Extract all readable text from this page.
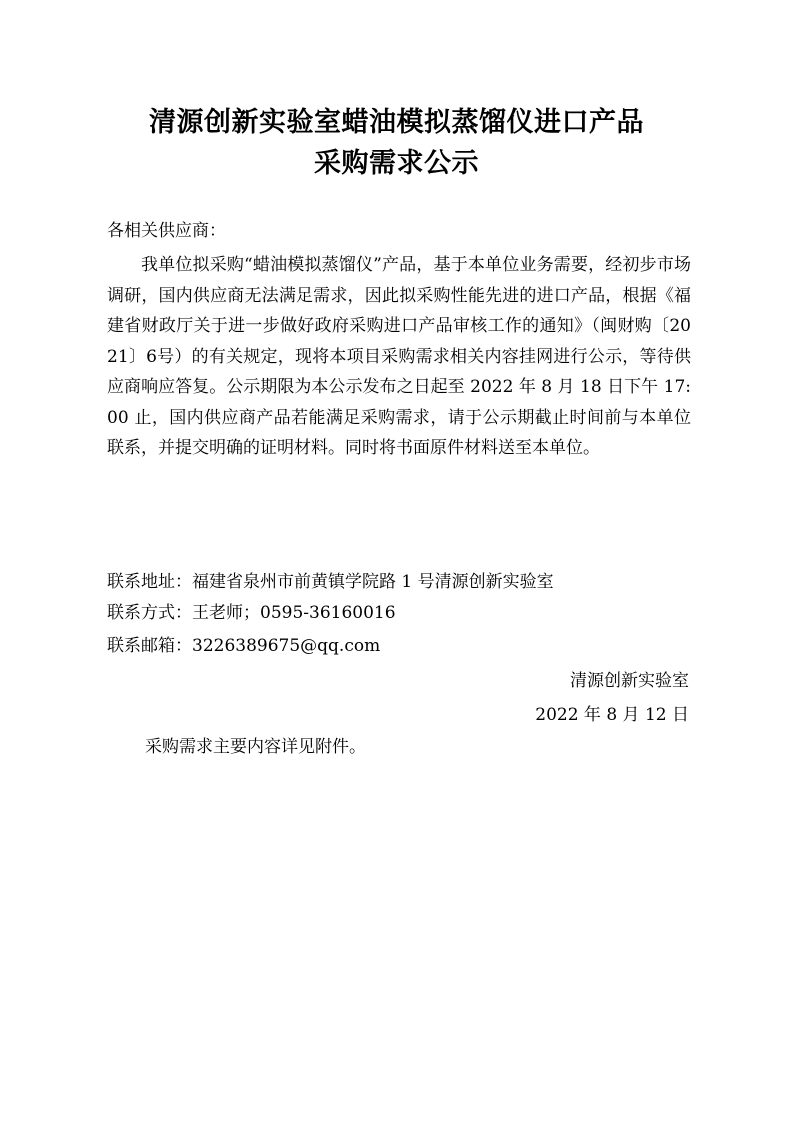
清源创新实验室蜡油模拟蒸馏仪进口产品
采购需求公示

各相关供应商：

我单位拟采购“蜡油模拟蒸馏仪”产品，基于本单位业务需要，经初步市场调研，国内供应商无法满足需求，因此拟采购性能先进的进口产品，根据《福建省财政厅关于进一步做好政府采购进口产品审核工作的通知》（闽财购〔2021〕6号）的有关规定，现将本项目采购需求相关内容挂网进行公示，等待供应商响应答复。公示期限为本公示发布之日起至 2022 年 8 月 18 日下午 17:00 止，国内供应商产品若能满足采购需求，请于公示期截止时间前与本单位联系，并提交明确的证明材料。同时将书面原件材料送至本单位。

联系地址：福建省泉州市前黄镇学院路 1 号清源创新实验室

联系方式：王老师；0595-36160016

联系邮箱：3226389675@qq.com

清源创新实验室

2022 年 8 月 12 日

采购需求主要内容详见附件。
